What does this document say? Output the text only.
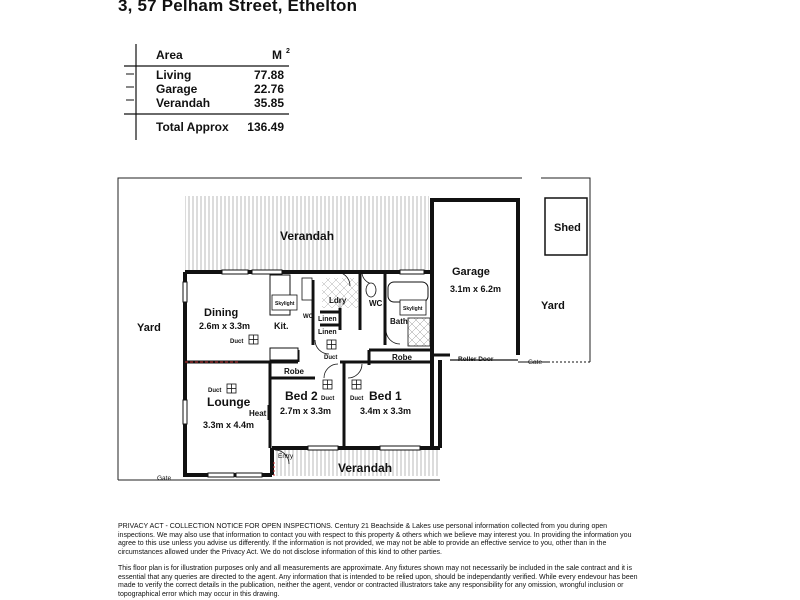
3, 57 Pelham Street, Ethelton
Area	M $^2$
Living	77.88
Garage	22.76
Verandah	35.85
Total Approx 136.49
Verandah
Verandah
Garage
3.1m x 6.2m
Shed
Yard
Yard
Dining
2.6m x 3.3m	Kit.
Skylight
Skylight
WO
Ldry
Linen
Linen
WC
Bath
Duct
Duct
Duct
Duct	Duct
Robe
Robe	Roller Door	Gate
Gate
Lounge
3.3m x 4.4m
Heat
Bed 2
2.7m x 3.3m
Bed 1
3.4m x 3.3m
Entry

PRIVACY ACT - COLLECTION NOTICE FOR OPEN INSPECTIONS. Century 21 Beachside & Lakes use personal information collected from you during open

inspections. We may also use that information to contact you with respect to this property & others which we believe may interest you. In providing the information you

agree to this use unless you advise us differently. If the information is not provided, we may not be able to provide an effective service to you, other than in the

circumstances allowed under the Privacy Act. We do not disclose information of this kind to other parties.

This floor plan is for illustration purposes only and all measurements are approximate. Any fixtures shown may not necessarily be included in the sale contract and it is

essential that any queries are directed to the agent. Any information that is intended to be relied upon, should be independantly verified. While every endevour has been

made to verify the correct details in the publication, neither the agent, vendor or contracted illustrators take any responsibility for any omission, wrongful inclusion or

topographical error which may occur in this drawing.
